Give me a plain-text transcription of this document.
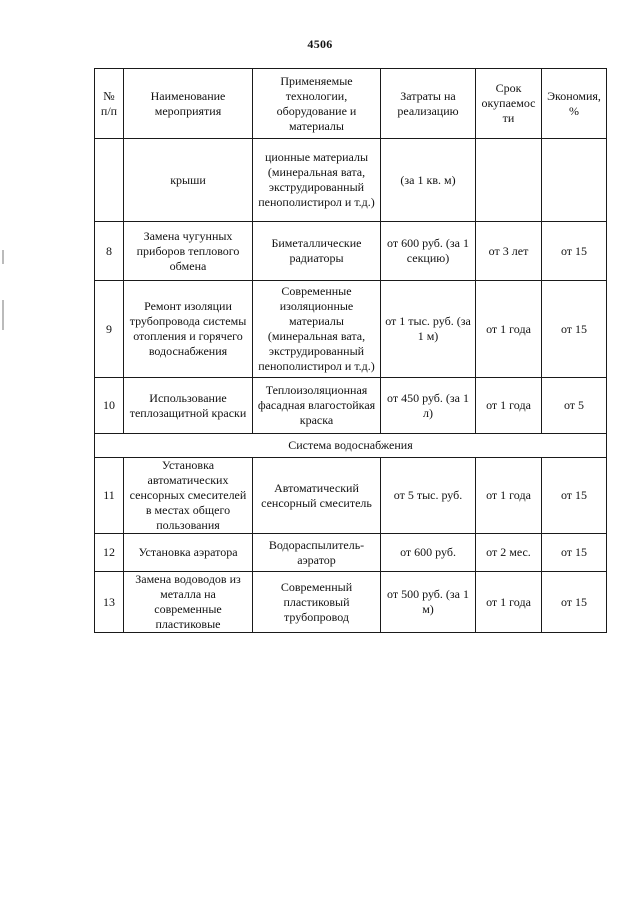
4506
№ п/п	Наименование мероприятия	Применяемые технологии, оборудование и материалы	Затраты на реализацию	Срок окупаемости	Экономия, %
	крыши	ционные материалы (минеральная вата, экструдированный пенополистирол и т.д.)	(за 1 кв. м)		
8	Замена чугунных приборов теплового обмена	Биметаллические радиаторы	от 600 руб. (за 1 секцию)	от 3 лет	от 15
9	Ремонт изоляции трубопровода системы отопления и горячего водоснабжения	Современные изоляционные материалы (минеральная вата, экструдированный пенополистирол и т.д.)	от 1 тыс. руб. (за 1 м)	от 1 года	от 15
10	Использование теплозащитной краски	Теплоизоляционная фасадная влагостойкая краска	от 450 руб. (за 1 л)	от 1 года	от 5
Система водоснабжения					
11	Установка автоматических сенсорных смесителей в местах общего пользования	Автоматический сенсорный смеситель	от 5 тыс. руб.	от 1 года	от 15
12	Установка аэратора	Водораспылитель-аэратор	от 600 руб.	от 2 мес.	от 15
13	Замена водоводов из металла на современные пластиковые	Современный пластиковый трубопровод	от 500 руб. (за 1 м)	от 1 года	от 15
